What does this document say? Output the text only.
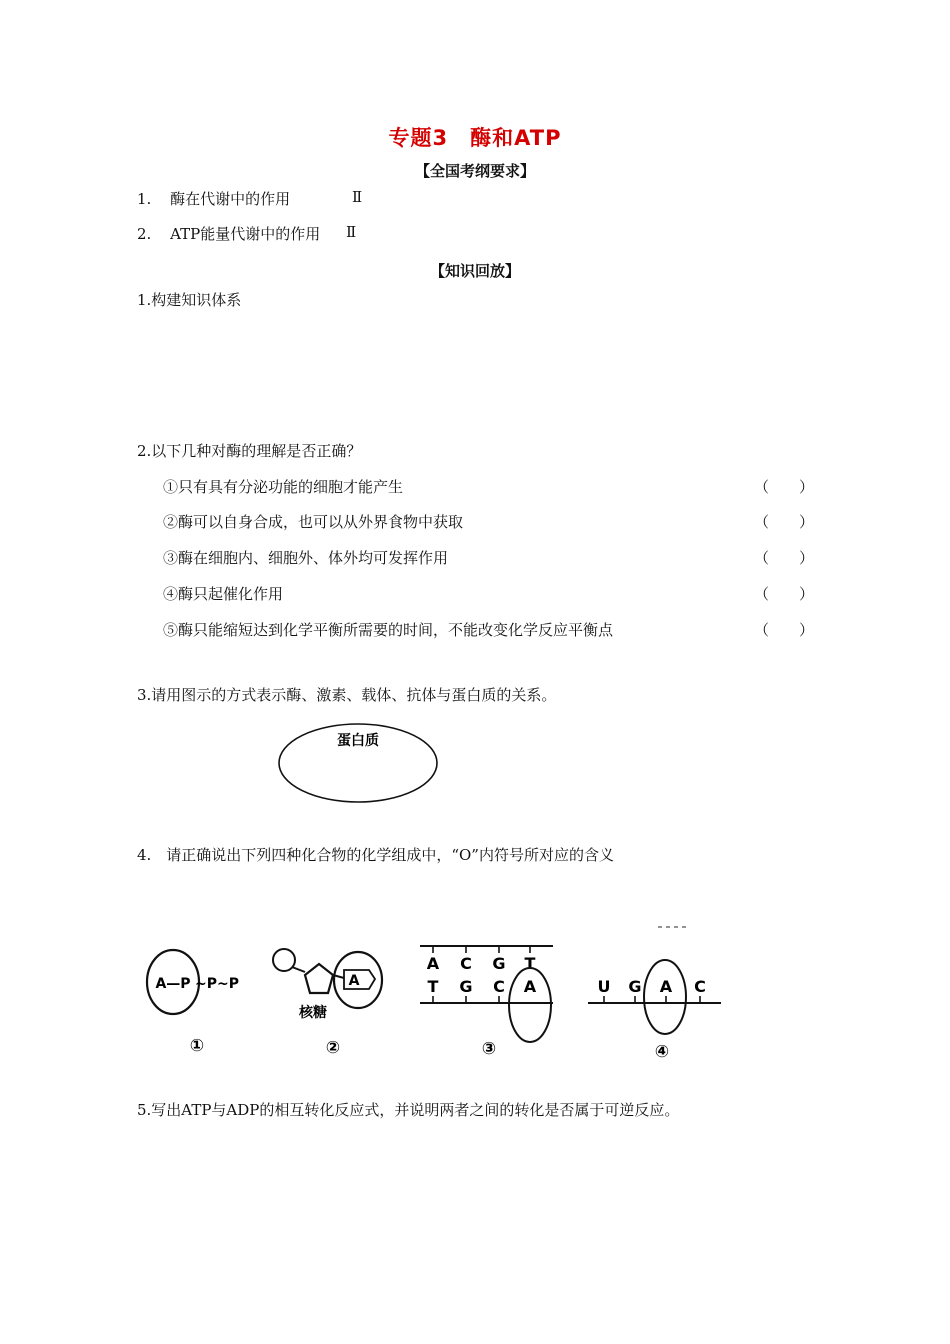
专题3　酶和ATP
【全国考纲要求】
1. 酶在代谢中的作用	Ⅱ
2. ATP能量代谢中的作用 Ⅱ
【知识回放】
1.构建知识体系
2.以下几种对酶的理解是否正确？
①只有具有分泌功能的细胞才能产生	（　　）
②酶可以自身合成，也可以从外界食物中获取	（　　）
③酶在细胞内、细胞外、体外均可发挥作用	（　　）
④酶只起催化作用	（　　）
⑤酶只能缩短达到化学平衡所需要的时间，不能改变化学反应平衡点	（　　）
3.请用图示的方式表示酶、激素、载体、抗体与蛋白质的关系。
4.　请正确说出下列四种化合物的化学组成中，“O”内符号所对应的含义
5.写出ATP与ADP的相互转化反应式，并说明两者之间的转化是否属于可逆反应。
蛋白质
A—P ~P~P
①
A
核糖
②
A C G T
T G C A
③
U G A C
④
